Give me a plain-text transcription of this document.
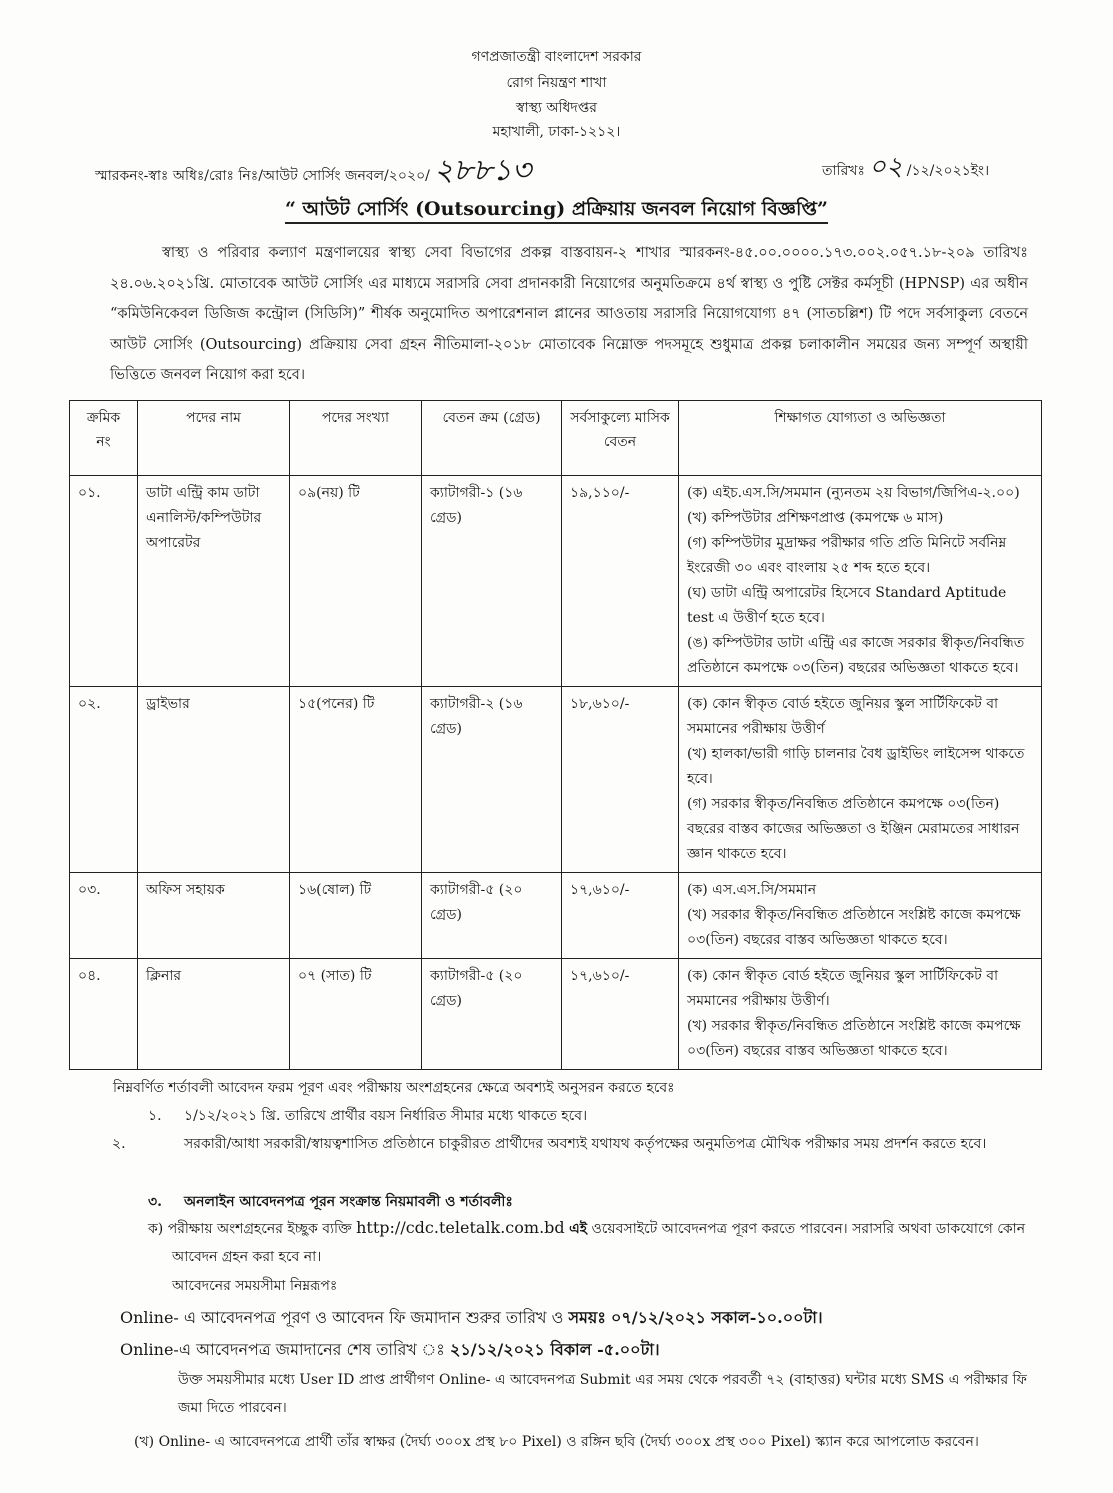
গণপ্রজাতন্ত্রী বাংলাদেশ সরকার
রোগ নিয়ন্ত্রণ শাখা
স্বাস্থ্য অধিদপ্তর
মহাখালী, ঢাকা-১২১২।
স্মারকনং-স্বাঃ অধিঃ/রোঃ নিঃ/আউট সোর্সিং জনবল/২০২০/ ২৮৮১৩	তারিখঃ ০২ /১২/২০২১ইং।
“ আউট সোর্সিং (Outsourcing) প্রক্রিয়ায় জনবল নিয়োগ বিজ্ঞপ্তি”

স্বাস্থ্য ও পরিবার কল্যাণ মন্ত্রণালয়ের স্বাস্থ্য সেবা বিভাগের প্রকল্প বাস্তবায়ন-২ শাখার স্মারকনং-৪৫.০০.০০০০.১৭৩.০০২.০৫৭.১৮-২০৯ তারিখঃ ২৪.০৬.২০২১খ্রি. মোতাবেক আউট সোর্সিং এর মাধ্যমে সরাসরি সেবা প্রদানকারী নিয়োগের অনুমতিক্রমে ৪র্থ স্বাস্থ্য ও পুষ্টি সেক্টর কর্মসূচী (HPNSP) এর অধীন “কমিউনিকেবল ডিজিজ কন্ট্রোল (সিডিসি)” শীর্ষক অনুমোদিত অপারেশনাল প্লানের আওতায় সরাসরি নিয়োগযোগ্য ৪৭ (সাতচল্লিশ) টি পদে সর্বসাকুল্য বেতনে আউট সোর্সিং (Outsourcing) প্রক্রিয়ায় সেবা গ্রহন নীতিমালা-২০১৮ মোতাবেক নিম্নোক্ত পদসমূহে শুধুমাত্র প্রকল্প চলাকালীন সময়ের জন্য সম্পূর্ণ অস্থায়ী ভিত্তিতে জনবল নিয়োগ করা হবে।

ক্রমিক নং	পদের নাম	পদের সংখ্যা	বেতন ক্রম (গ্রেড)	সর্বসাকুল্যে মাসিক বেতন	শিক্ষাগত যোগ্যতা ও অভিজ্ঞতা
০১.	ডাটা এন্ট্রি কাম ডাটা এনালিস্ট/কম্পিউটার অপারেটর	০৯(নয়) টি	ক্যাটাগরী-১ (১৬ গ্রেড)	১৯,১১০/-	(ক) এইচ.এস.সি/সমমান (ন্যুনতম ২য় বিভাগ/জিপিএ-২.০০)
(খ) কম্পিউটার প্রশিক্ষণপ্রাপ্ত (কমপক্ষে ৬ মাস)
(গ) কম্পিউটার মুদ্রাক্ষর পরীক্ষার গতি প্রতি মিনিটে সর্বনিম্ন ইংরেজী ৩০ এবং বাংলায় ২৫ শব্দ হতে হবে।
(ঘ) ডাটা এন্ট্রি অপারেটর হিসেবে Standard Aptitude test এ উত্তীর্ণ হতে হবে।
(ঙ) কম্পিউটার ডাটা এন্ট্রি এর কাজে সরকার স্বীকৃত/নিবন্ধিত প্রতিষ্ঠানে কমপক্ষে ০৩(তিন) বছরের অভিজ্ঞতা থাকতে হবে।

০২.	ড্রাইভার	১৫(পনের) টি	ক্যাটাগরী-২ (১৬ গ্রেড)	১৮,৬১০/-	(ক) কোন স্বীকৃত বোর্ড হইতে জুনিয়র স্কুল সার্টিফিকেট বা সমমানের পরীক্ষায় উত্তীর্ণ
(খ) হালকা/ভারী গাড়ি চালনার বৈধ ড্রাইভিং লাইসেন্স থাকতে হবে।
(গ) সরকার স্বীকৃত/নিবন্ধিত প্রতিষ্ঠানে কমপক্ষে ০৩(তিন) বছরের বাস্তব কাজের অভিজ্ঞতা ও ইঞ্জিন মেরামতের সাধারন জ্ঞান থাকতে হবে।

০৩.	অফিস সহায়ক	১৬(ষোল) টি	ক্যাটাগরী-৫ (২০ গ্রেড)	১৭,৬১০/-	(ক) এস.এস.সি/সমমান
(খ) সরকার স্বীকৃত/নিবন্ধিত প্রতিষ্ঠানে সংশ্লিষ্ট কাজে কমপক্ষে ০৩(তিন) বছরের বাস্তব অভিজ্ঞতা থাকতে হবে।

০৪.	ক্লিনার	০৭ (সাত) টি	ক্যাটাগরী-৫ (২০ গ্রেড)	১৭,৬১০/-	(ক) কোন স্বীকৃত বোর্ড হইতে জুনিয়র স্কুল সার্টিফিকেট বা সমমানের পরীক্ষায় উত্তীর্ণ।
(খ) সরকার স্বীকৃত/নিবন্ধিত প্রতিষ্ঠানে সংশ্লিষ্ট কাজে কমপক্ষে ০৩(তিন) বছরের বাস্তব অভিজ্ঞতা থাকতে হবে।

নিম্নবর্ণিত শর্তাবলী আবেদন ফরম পূরণ এবং পরীক্ষায় অংশগ্রহনের ক্ষেত্রে অবশ্যই অনুসরন করতে হবেঃ

১. ১/১২/২০২১ খ্রি. তারিখে প্রার্থীর বয়স নির্ধারিত সীমার মধ্যে থাকতে হবে।

২.	সরকারী/আধা সরকারী/স্বায়ত্বশাসিত প্রতিষ্ঠানে চাকুরীরত প্রার্থীদের অবশ্যই যথাযথ কর্তৃপক্ষের অনুমতিপত্র মৌখিক পরীক্ষার সময় প্রদর্শন করতে হবে।

৩. অনলাইন আবেদনপত্র পূরন সংক্রান্ত নিয়মাবলী ও শর্তাবলীঃ

ক) পরীক্ষায় অংশগ্রহনের ইচ্ছুক ব্যক্তি http://cdc.teletalk.com.bd এই ওয়েবসাইটে আবেদনপত্র পূরণ করতে পারবেন। সরাসরি অথবা ডাকযোগে কোন আবেদন গ্রহন করা হবে না।

আবেদনের সময়সীমা নিম্নরূপঃ

Online- এ আবেদনপত্র পূরণ ও আবেদন ফি জমাদান শুরুর তারিখ ও সময়ঃ ০৭/১২/২০২১ সকাল-১০.০০টা।

Online-এ আবেদনপত্র জমাদানের শেষ তারিখ ঃ ২১/১২/২০২১ বিকাল -৫.০০টা।

উক্ত সময়সীমার মধ্যে User ID প্রাপ্ত প্রার্থীগণ Online- এ আবেদনপত্র Submit এর সময় থেকে পরবর্তী ৭২ (বাহাত্তর) ঘন্টার মধ্যে SMS এ পরীক্ষার ফি জমা দিতে পারবেন।

(খ) Online- এ আবেদনপত্রে প্রার্থী তাঁর স্বাক্ষর (দৈর্ঘ্য ৩০০x প্রস্থ ৮০ Pixel) ও রঙ্গিন ছবি (দৈর্ঘ্য ৩০০x প্রস্থ ৩০০ Pixel) স্ক্যান করে আপলোড করবেন।
